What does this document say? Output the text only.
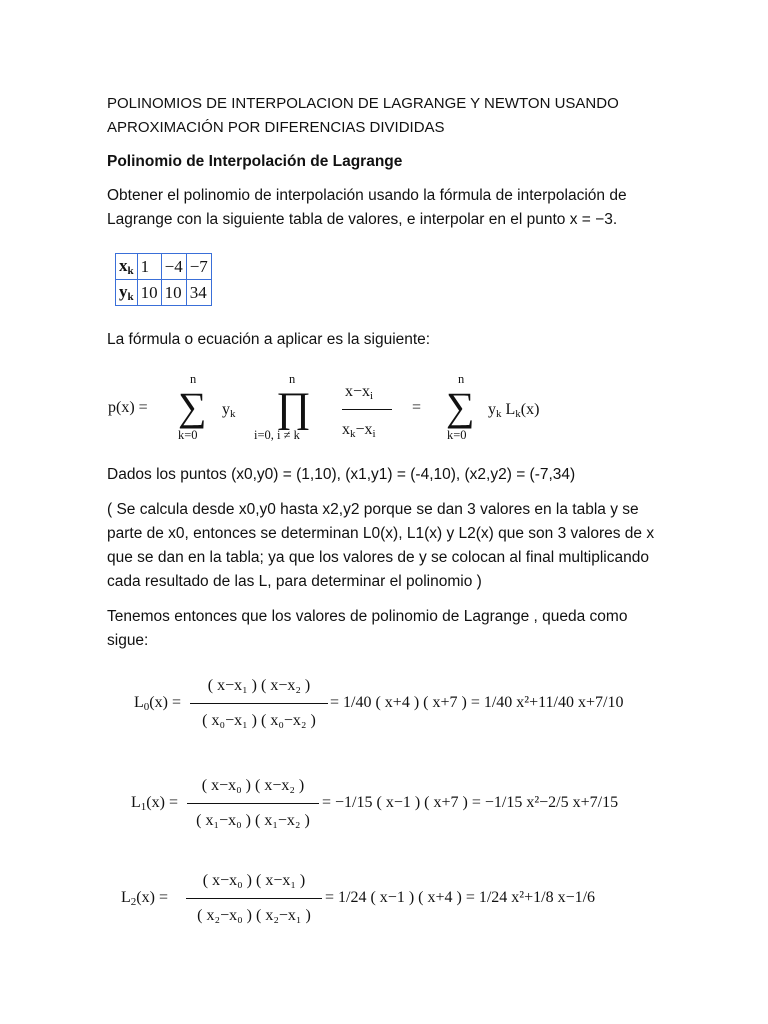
POLINOMIOS DE INTERPOLACION DE LAGRANGE Y NEWTON USANDO APROXIMACIÓN POR DIFERENCIAS DIVIDIDAS

Polinomio de Interpolación de Lagrange

Obtener el polinomio de interpolación usando la fórmula de interpolación de Lagrange con la siguiente tabla de valores, e interpolar en el punto x = −3.

$x_k$	1	−4	−7
$y_k$	10	10	34

La fórmula o ecuación a aplicar es la siguiente:

p(x) =
n
∑
k=0
$y_k$
n
∏
i=0, i ≠ k
$x-x_i$
$x_k-x_i$
=
n
∑
k=0
$y_k$ $L_k(x)$

Dados los puntos (x0,y0) = (1,10), (x1,y1) = (-4,10), (x2,y2) = (-7,34)

( Se calcula desde x0,y0 hasta x2,y2 porque se dan 3 valores en la tabla y se parte de x0, entonces se determinan L0(x), L1(x) y L2(x) que son 3 valores de x que se dan en la tabla; ya que los valores de y se colocan al final multiplicando cada resultado de las L, para determinar el polinomio )

Tenemos entonces que los valores de polinomio de Lagrange , queda como sigue:

$L_0(x)$ =
( x−x₁ ) ( x−x₂ )
( x₀−x₁ ) ( x₀−x₂ )
= 1/40 ( x+4 ) ( x+7 ) = 1/40 x²+11/40 x+7/10
$L_1(x)$ =
( x−x₀ ) ( x−x₂ )
( x₁−x₀ ) ( x₁−x₂ )
= −1/15 ( x−1 ) ( x+7 ) = −1/15 x²−2/5 x+7/15
$L_2(x)$ =
( x−x₀ ) ( x−x₁ )
( x₂−x₀ ) ( x₂−x₁ )
= 1/24 ( x−1 ) ( x+4 ) = 1/24 x²+1/8 x−1/6
